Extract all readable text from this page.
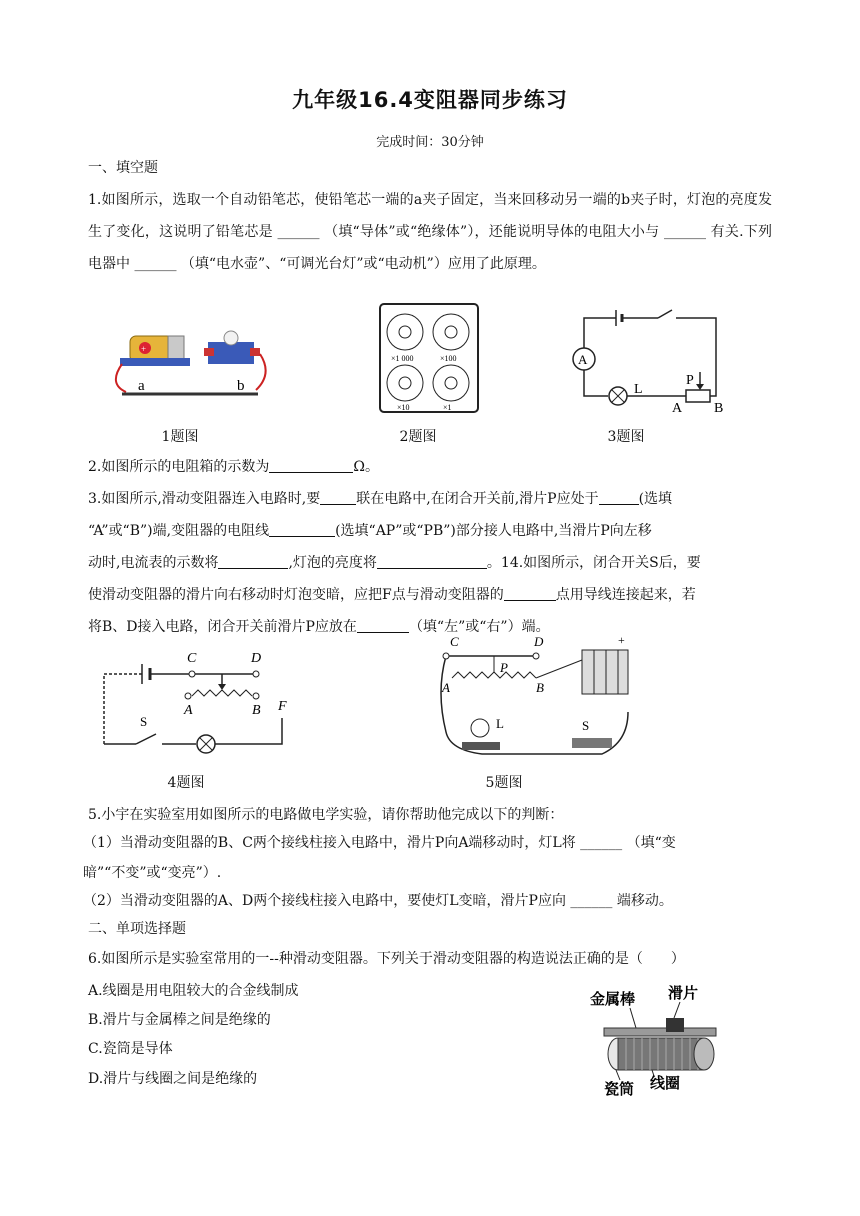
九年级16.4变阻器同步练习
完成时间：30分钟
一、填空题
1.如图所示，选取一个自动铅笔芯，使铅笔芯一端的a夹子固定，当来回移动另一端的b夹子时，灯泡的亮度发生了变化，这说明了铅笔芯是 ______ （填“导体”或“绝缘体”），还能说明导体的电阻大小与 ______ 有关.下列电器中 ______ （填“电水壶”、“可调光台灯”或“电动机”）应用了此原理。
+
a	b
1题图
×1 000	×100
×10	×1
2题图
A
L
P
A B
3题图
2.如图所示的电阻箱的示数为	Ω。
3.如图所示,滑动变阻器连入电路时,要	联在电路中,在闭合开关前,滑片P应处于	(选填
“A”或“B”)端,变阻器的电阻线	(选填“AP”或“PB”)部分接人电路中,当滑片P向左移
动时,电流表的示数将	,灯泡的亮度将	。14.如图所示，闭合开关S后，要
使滑动变阻器的滑片向右移动时灯泡变暗，应把F点与滑动变阻器的	点用导线连接起来，若
将B、D接入电路，闭合开关前滑片P应放在	（填“左”或“右”）端。
C	D
A	B F
S
4题图
C	D
P
A	B
+
L	S
5题图
5.小宇在实验室用如图所示的电路做电学实验，请你帮助他完成以下的判断：
（1）当滑动变阻器的B、C两个接线柱接入电路中，滑片P向A端移动时，灯L将 ______ （填“变
暗”“不变”或“变亮”）.
（2）当滑动变阻器的A、D两个接线柱接入电路中，要使灯L变暗，滑片P应向 ______ 端移动。
二、单项选择题
6.如图所示是实验室常用的一--种滑动变阻器。下列关于滑动变阻器的构造说法正确的是（　　）
A.线圈是用电阻较大的合金线制成
B.滑片与金属棒之间是绝缘的
C.瓷筒是导体
D.滑片与线圈之间是绝缘的
金属棒 滑片
瓷筒 线圈
